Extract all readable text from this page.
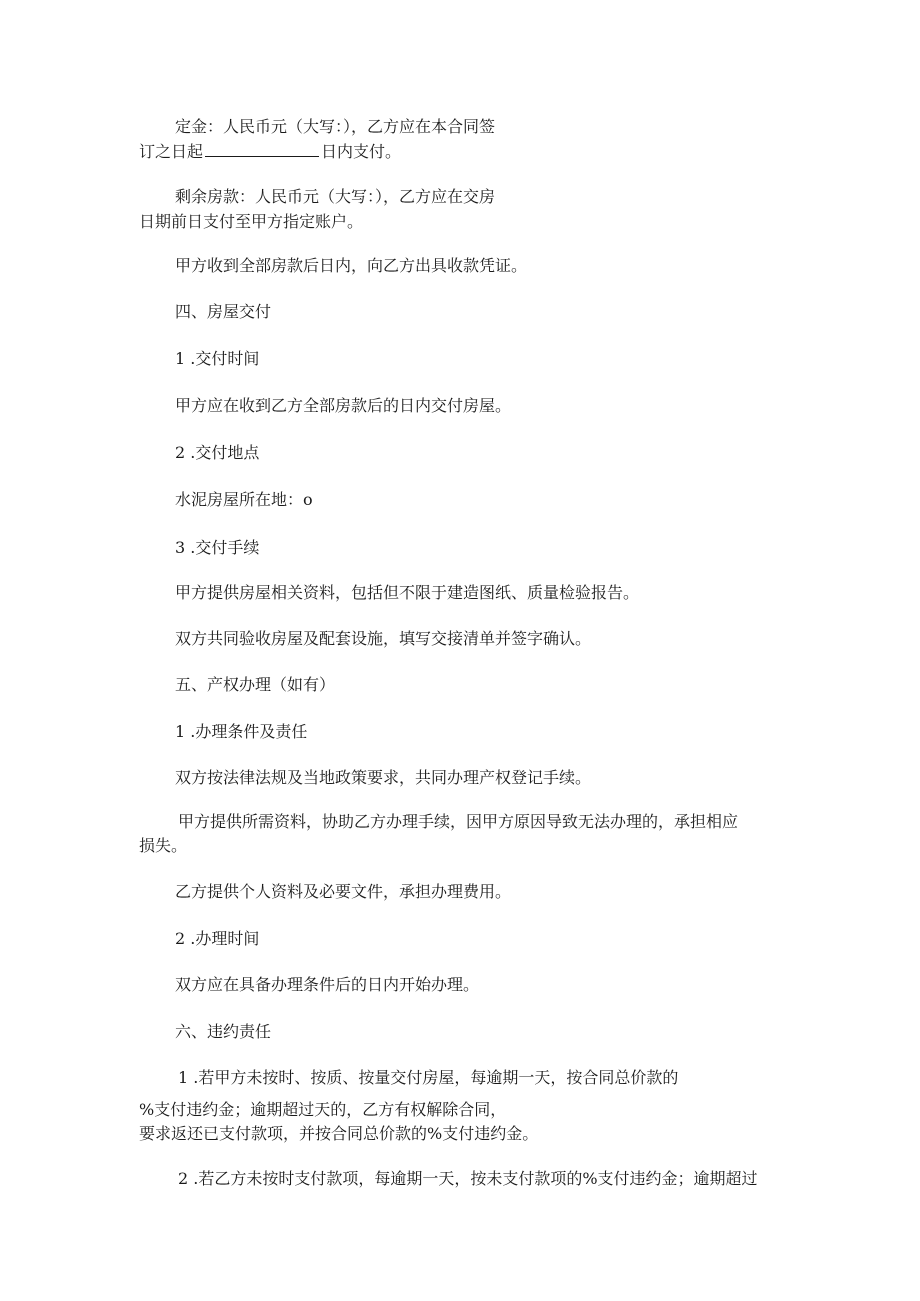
定金：人民币元（大写：），乙方应在本合同签
订之日起	日内支付。
剩余房款：人民币元（大写：），乙方应在交房
日期前日支付至甲方指定账户。
甲方收到全部房款后日内，向乙方出具收款凭证。
四、房屋交付
1 .交付时间
甲方应在收到乙方全部房款后的日内交付房屋。
2 .交付地点
水泥房屋所在地：o
3 .交付手续
甲方提供房屋相关资料，包括但不限于建造图纸、质量检验报告。
双方共同验收房屋及配套设施，填写交接清单并签字确认。
五、产权办理（如有）
1 .办理条件及责任
双方按法律法规及当地政策要求，共同办理产权登记手续。
甲方提供所需资料，协助乙方办理手续，因甲方原因导致无法办理的，承担相应
损失。
乙方提供个人资料及必要文件，承担办理费用。
2 .办理时间
双方应在具备办理条件后的日内开始办理。
六、违约责任
1 .若甲方未按时、按质、按量交付房屋，每逾期一天，按合同总价款的
%支付违约金；逾期超过天的，乙方有权解除合同，
要求返还已支付款项，并按合同总价款的%支付违约金。
2 .若乙方未按时支付款项，每逾期一天，按未支付款项的%支付违约金；逾期超过
